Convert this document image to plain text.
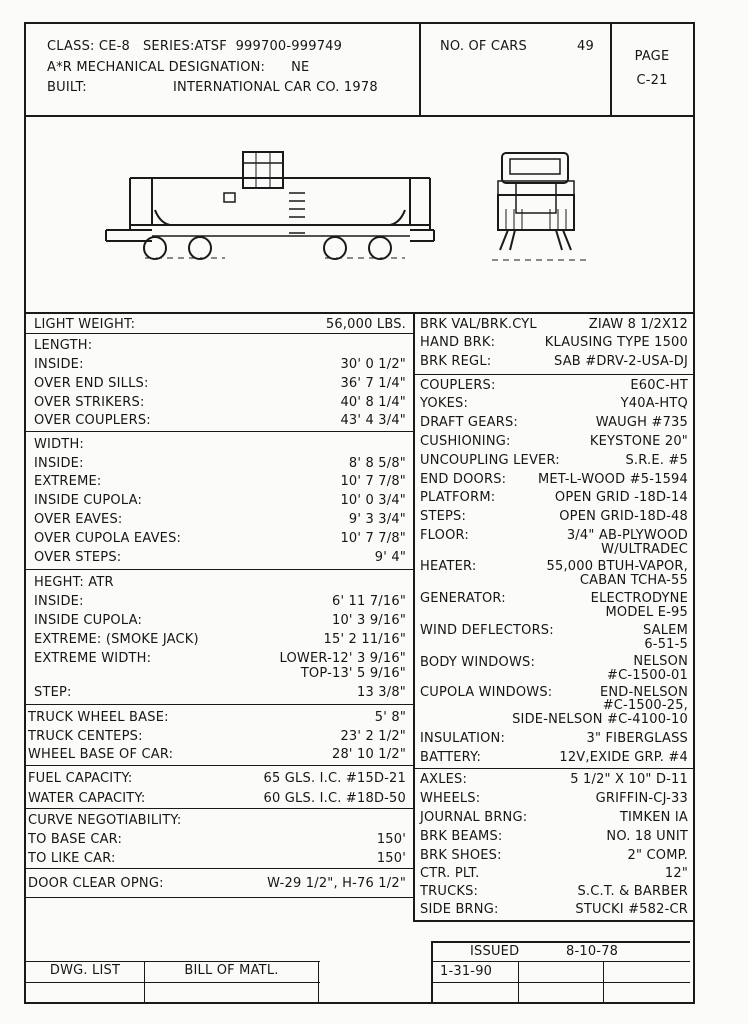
CLASS: CE-8   SERIES:ATSF  999700-999749
A*R MECHANICAL DESIGNATION:      NE
BUILT:	INTERNATIONAL CAR CO. 1978
NO. OF CARS	49
PAGE
C-21
LIGHT WEIGHT:	56,000 LBS.
LENGTH:
INSIDE:	30' 0 1/2"
OVER END SILLS:	36' 7 1/4"
OVER STRIKERS:	40' 8 1/4"
OVER COUPLERS:	43' 4 3/4"
WIDTH:
INSIDE:	8' 8 5/8"
EXTREME:	10' 7 7/8"
INSIDE CUPOLA:	10' 0 3/4"
OVER EAVES:	9' 3 3/4"
OVER CUPOLA EAVES:	10' 7 7/8"
OVER STEPS:	9' 4"
HEGHT: ATR
INSIDE:	6' 11 7/16"
INSIDE CUPOLA:	10' 3 9/16"
EXTREME: (SMOKE JACK)	15' 2 11/16"
EXTREME WIDTH:	LOWER-12' 3 9/16"
TOP-13' 5 9/16"
STEP:	13 3/8"
TRUCK WHEEL BASE:	5' 8"
TRUCK CENTEPS:	23' 2 1/2"
WHEEL BASE OF CAR:	28' 10 1/2"
FUEL CAPACITY:	65 GLS. I.C. #15D-21
WATER CAPACITY:	60 GLS. I.C. #18D-50
CURVE NEGOTIABILITY:
TO BASE CAR:	150'
TO LIKE CAR:	150'
DOOR CLEAR OPNG:	W-29 1/2", H-76 1/2"
BRK VAL/BRK.CYL	ZIAW 8 1/2X12
HAND BRK:	KLAUSING TYPE 1500
BRK REGL:	SAB #DRV-2-USA-DJ
COUPLERS:	E60C-HT
YOKES:	Y40A-HTQ
DRAFT GEARS:	WAUGH #735
CUSHIONING:	KEYSTONE 20"
UNCOUPLING LEVER:	S.R.E. #5
END DOORS:	MET-L-WOOD #5-1594
PLATFORM:	OPEN GRID -18D-14
STEPS:	OPEN GRID-18D-48
FLOOR:	3/4" AB-PLYWOOD
W/ULTRADEC
HEATER:	55,000 BTUH-VAPOR,
CABAN TCHA-55
GENERATOR:	ELECTRODYNE
MODEL E-95
WIND DEFLECTORS:	SALEM
6-51-5
BODY WINDOWS:	NELSON
#C-1500-01
CUPOLA WINDOWS:	END-NELSON
#C-1500-25,
SIDE-NELSON #C-4100-10
INSULATION:	3" FIBERGLASS
BATTERY:	12V,EXIDE GRP. #4
AXLES:	5 1/2" X 10" D-11
WHEELS:	GRIFFIN-CJ-33
JOURNAL BRNG:	TIMKEN IA
BRK BEAMS:	NO. 18 UNIT
BRK SHOES:	2" COMP.
CTR. PLT.	12"
TRUCKS:	S.C.T. & BARBER
SIDE BRNG:	STUCKI #582-CR
DWG. LIST	BILL OF MATL.
ISSUED	8-10-78
1-31-90
